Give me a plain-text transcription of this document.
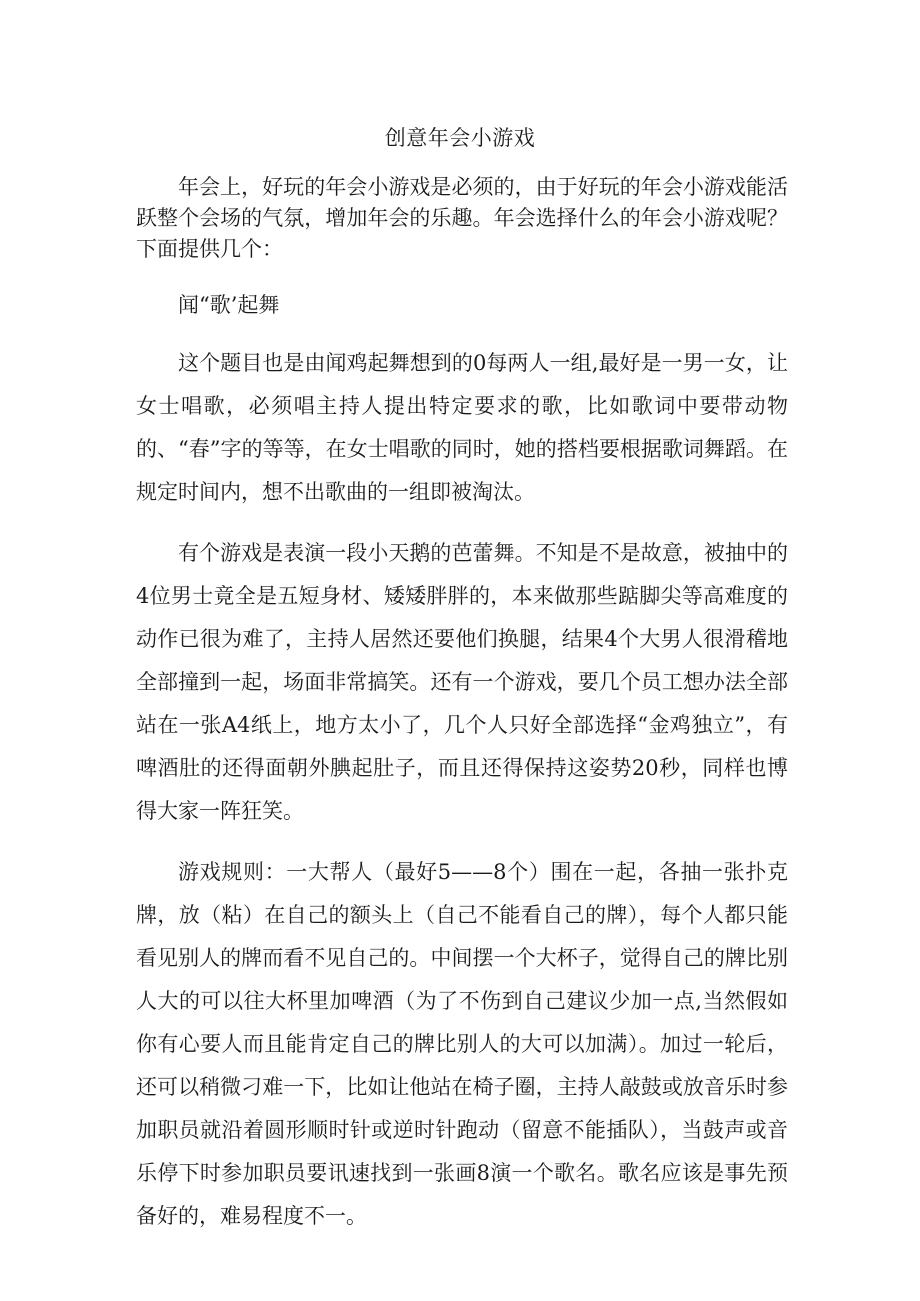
创意年会小游戏

年会上，好玩的年会小游戏是必须的，由于好玩的年会小游戏能活跃整个会场的气氛，增加年会的乐趣。年会选择什么的年会小游戏呢？下面提供几个：

闻“歌’起舞

这个题目也是由闻鸡起舞想到的0每两人一组,最好是一男一女，让女士唱歌，必须唱主持人提出特定要求的歌，比如歌词中要带动物的、“春”字的等等，在女士唱歌的同时，她的搭档要根据歌词舞蹈。在规定时间内，想不出歌曲的一组即被淘汰。

有个游戏是表演一段小天鹅的芭蕾舞。不知是不是故意，被抽中的4位男士竟全是五短身材、矮矮胖胖的，本来做那些踮脚尖等高难度的动作已很为难了，主持人居然还要他们换腿，结果4个大男人很滑稽地全部撞到一起，场面非常搞笑。还有一个游戏，要几个员工想办法全部站在一张A4纸上，地方太小了，几个人只好全部选择“金鸡独立”，有啤酒肚的还得面朝外腆起肚子，而且还得保持这姿势20秒，同样也博得大家一阵狂笑。

游戏规则：一大帮人（最好5——8个）围在一起，各抽一张扑克牌，放（粘）在自己的额头上（自己不能看自己的牌），每个人都只能看见别人的牌而看不见自己的。中间摆一个大杯子，觉得自己的牌比别人大的可以往大杯里加啤酒（为了不伤到自己建议少加一点,当然假如你有心要人而且能肯定自己的牌比别人的大可以加满）。加过一轮后，还可以稍微刁难一下，比如让他站在椅子圈，主持人敲鼓或放音乐时参加职员就沿着圆形顺时针或逆时针跑动（留意不能插队），当鼓声或音乐停下时参加职员要讯速找到一张画8演一个歌名。歌名应该是事先预备好的，难易程度不一。
